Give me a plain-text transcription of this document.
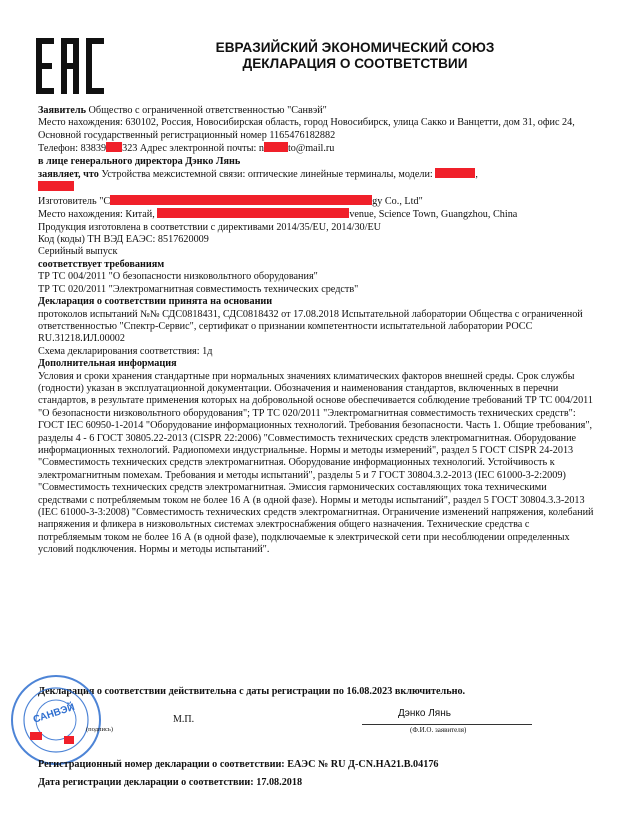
ЕВРАЗИЙСКИЙ ЭКОНОМИЧЕСКИЙ СОЮЗ
ДЕКЛАРАЦИЯ О СООТВЕТСТВИИ

Заявитель Общество с ограниченной ответственностью "Санвэй"

Место нахождения: 630102, Россия, Новосибирская область, город Новосибирск, улица Сакко и Ванцетти, дом 31, офис 24, Основной государственный регистрационный номер 1165476182882

Телефон: 83839 323 Адрес электронной почты: n to@mail.ru

в лице генерального директора Дэнко Лянь

заявляет, что Устройства межсистемной связи: оптические линейные терминалы, модели:	,

Изготовитель "C	gy Co., Ltd"

Место нахождения: Китай,	venue, Science Town, Guangzhou, China

Продукция изготовлена в соответствии с директивами 2014/35/EU, 2014/30/EU

Код (коды) ТН ВЭД ЕАЭС: 8517620009

Серийный выпуск

соответствует требованиям

ТР ТС 004/2011 "О безопасности низковольтного оборудования"

ТР ТС 020/2011 "Электромагнитная совместимость технических средств"

Декларация о соответствии принята на основании

протоколов испытаний №№ СДС0818431, СДС0818432 от 17.08.2018 Испытательной лаборатории Общества с ограниченной ответственностью "Спектр-Сервис", сертификат о признании компетентности испытательной лаборатории РОСС RU.31218.ИЛ.00002

Схема декларирования соответствия: 1д

Дополнительная информация

Условия и сроки хранения стандартные при нормальных значениях климатических факторов внешней среды. Срок службы (годности) указан в эксплуатационной документации. Обозначения и наименования стандартов, включенных в перечни стандартов, в результате применения которых на добровольной основе обеспечивается соблюдение требований ТР ТС 004/2011 "О безопасности низковольтного оборудования"; ТР ТС 020/2011 "Электромагнитная совместимость технических средств": ГОСТ IEC 60950-1-2014 "Оборудование информационных технологий. Требования безопасности. Часть 1. Общие требования", разделы 4 - 6 ГОСТ 30805.22-2013 (CISPR 22:2006) "Совместимость технических средств электромагнитная. Оборудование информационных технологий. Радиопомехи индустриальные. Нормы и методы измерений", раздел 5 ГОСТ CISPR 24-2013 "Совместимость технических средств электромагнитная. Оборудование информационных технологий. Устойчивость к электромагнитным помехам. Требования и методы испытаний", разделы 5 и 7 ГОСТ 30804.3.2-2013 (IEC 61000-3-2:2009) "Совместимость технических средств электромагнитная. Эмиссия гармонических составляющих тока техническими средствами с потребляемым током не более 16 А (в одной фазе). Нормы и методы испытаний", раздел 5 ГОСТ 30804.3.3-2013 (IEC 61000-3-3:2008) "Совместимость технических средств электромагнитная. Ограничение изменений напряжения, колебаний напряжения и фликера в низковольтных системах электроснабжения общего назначения. Технические средства с потребляемым током не более 16 А (в одной фазе), подключаемые к электрической сети при несоблюдении определенных условий подключения. Нормы и методы испытаний".

Декларация о соответствии действительна с даты регистрации по 16.08.2023 включительно.
САНВЭЙ	М.П.
(подпись)
Дэнко Лянь
(Ф.И.О. заявителя)
Регистрационный номер декларации о соответствии: ЕАЭС № RU Д-CN.НА21.В.04176
Дата регистрации декларации о соответствии: 17.08.2018
